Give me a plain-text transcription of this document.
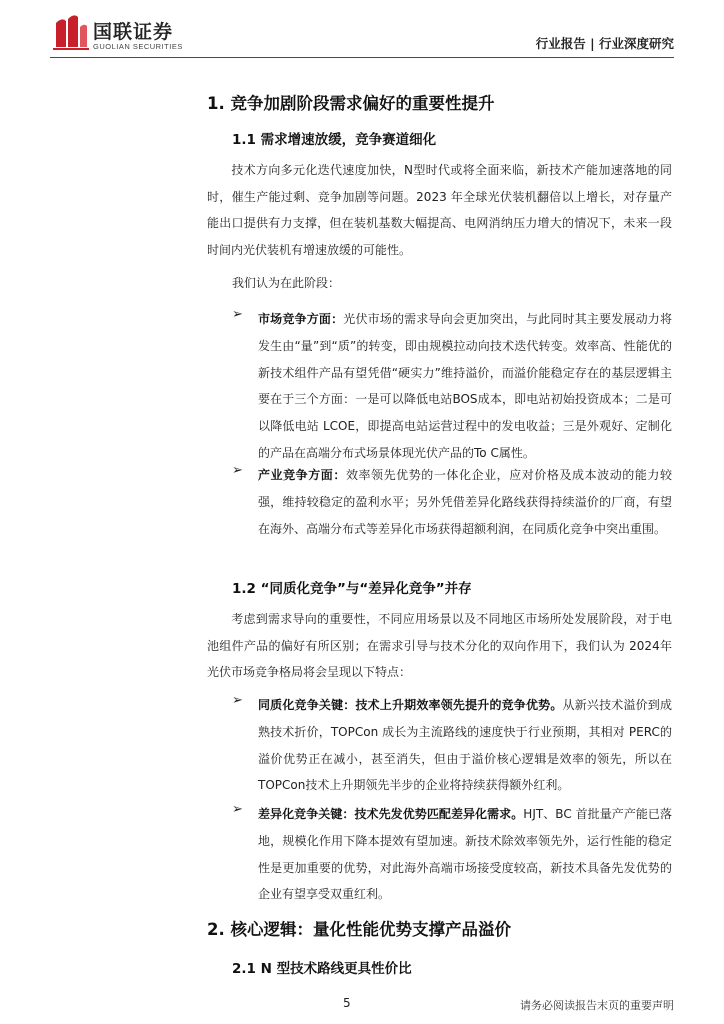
国联证券
GUOLIAN SECURITIES	行业报告 | 行业深度研究
1. 竞争加剧阶段需求偏好的重要性提升
1.1 需求增速放缓，竞争赛道细化
技术方向多元化迭代速度加快，N型时代或将全面来临，新技术产能加速落地的同时，催生产能过剩、竞争加剧等问题。2023 年全球光伏装机翻倍以上增长，对存量产能出口提供有力支撑，但在装机基数大幅提高、电网消纳压力增大的情况下，未来一段时间内光伏装机有增速放缓的可能性。
我们认为在此阶段：
➢ 市场竞争方面：光伏市场的需求导向会更加突出，与此同时其主要发展动力将发生由“量”到“质”的转变，即由规模拉动向技术迭代转变。效率高、性能优的新技术组件产品有望凭借“硬实力”维持溢价，而溢价能稳定存在的基层逻辑主要在于三个方面：一是可以降低电站BOS成本，即电站初始投资成本；二是可以降低电站 LCOE，即提高电站运营过程中的发电收益；三是外观好、定制化的产品在高端分布式场景体现光伏产品的To C属性。
➢ 产业竞争方面：效率领先优势的一体化企业，应对价格及成本波动的能力较强，维持较稳定的盈利水平；另外凭借差异化路线获得持续溢价的厂商，有望在海外、高端分布式等差异化市场获得超额利润，在同质化竞争中突出重围。
1.2 “同质化竞争”与“差异化竞争”并存
考虑到需求导向的重要性，不同应用场景以及不同地区市场所处发展阶段，对于电池组件产品的偏好有所区别；在需求引导与技术分化的双向作用下，我们认为 2024年光伏市场竞争格局将会呈现以下特点：
➢ 同质化竞争关键：技术上升期效率领先提升的竞争优势。从新兴技术溢价到成熟技术折价，TOPCon 成长为主流路线的速度快于行业预期，其相对 PERC的溢价优势正在减小，甚至消失，但由于溢价核心逻辑是效率的领先，所以在TOPCon技术上升期领先半步的企业将持续获得额外红利。
➢ 差异化竞争关键：技术先发优势匹配差异化需求。HJT、BC 首批量产产能已落地，规模化作用下降本提效有望加速。新技术除效率领先外，运行性能的稳定性是更加重要的优势，对此海外高端市场接受度较高，新技术具备先发优势的企业有望享受双重红利。
2. 核心逻辑：量化性能优势支撑产品溢价
2.1 N 型技术路线更具性价比
5	请务必阅读报告末页的重要声明
